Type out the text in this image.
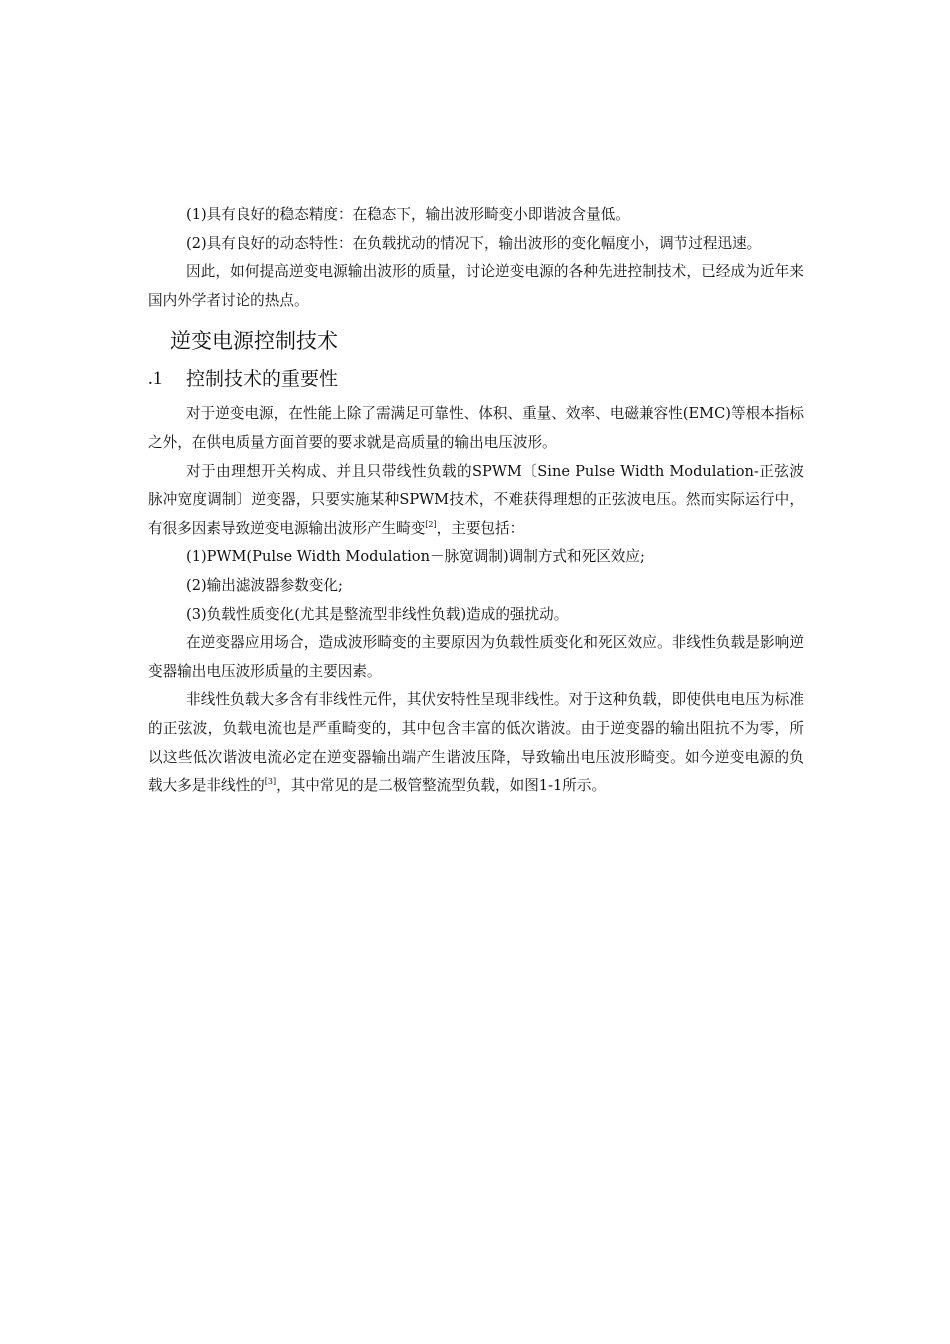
(1)具有良好的稳态精度：在稳态下，输出波形畸变小即谐波含量低。

(2)具有良好的动态特性：在负载扰动的情况下，输出波形的变化幅度小，调节过程迅速。

因此，如何提高逆变电源输出波形的质量，讨论逆变电源的各种先进控制技术，已经成为近年来国内外学者讨论的热点。

逆变电源控制技术
.1	控制技术的重要性

对于逆变电源，在性能上除了需满足可靠性、体积、重量、效率、电磁兼容性(EMC)等根本指标之外，在供电质量方面首要的要求就是高质量的输出电压波形。

对于由理想开关构成、并且只带线性负载的SPWM〔Sine Pulse Width Modulation-正弦波脉冲宽度调制〕逆变器，只要实施某种SPWM技术，不难获得理想的正弦波电压。然而实际运行中，有很多因素导致逆变电源输出波形产生畸变[2]，主要包括：

(1)PWM(Pulse Width Modulation－脉宽调制)调制方式和死区效应;

(2)输出滤波器参数变化;

(3)负载性质变化(尤其是整流型非线性负载)造成的强扰动。

在逆变器应用场合，造成波形畸变的主要原因为负载性质变化和死区效应。非线性负载是影响逆变器输出电压波形质量的主要因素。

非线性负载大多含有非线性元件，其伏安特性呈现非线性。对于这种负载，即使供电电压为标准的正弦波，负载电流也是严重畸变的，其中包含丰富的低次谐波。由于逆变器的输出阻抗不为零，所以这些低次谐波电流必定在逆变器输出端产生谐波压降，导致输出电压波形畸变。如今逆变电源的负载大多是非线性的[3]，其中常见的是二极管整流型负载，如图1-1所示。
